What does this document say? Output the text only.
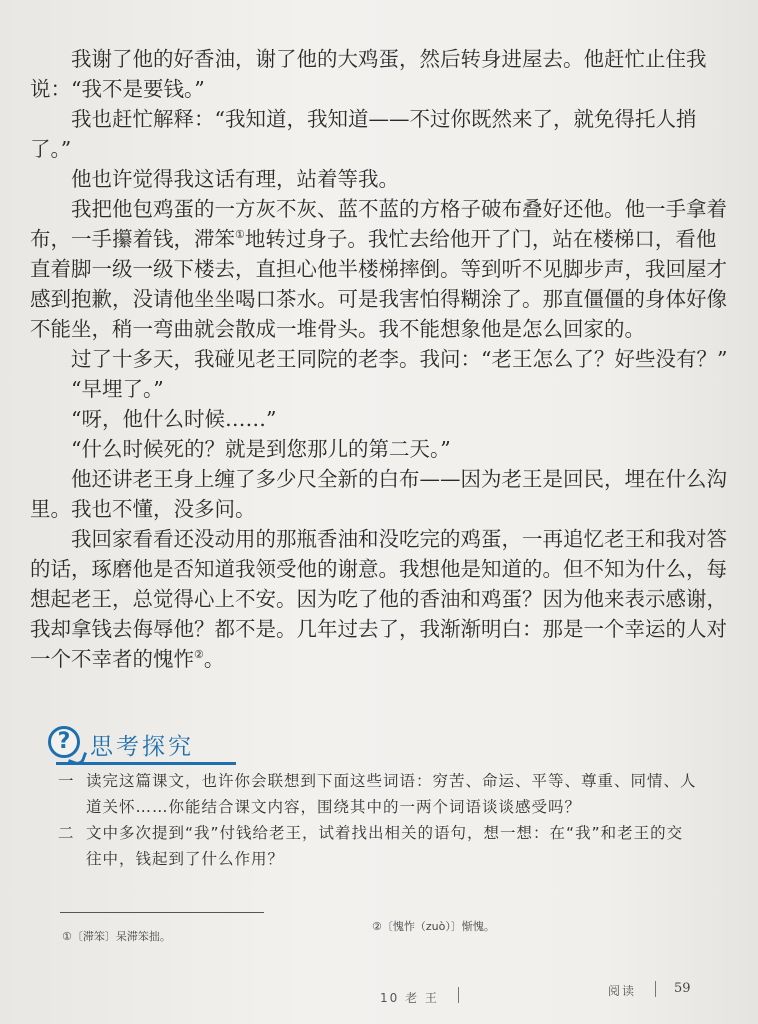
我谢了他的好香油，谢了他的大鸡蛋，然后转身进屋去。他赶忙止住我说：“我不是要钱。”

我也赶忙解释：“我知道，我知道——不过你既然来了，就免得托人捎了。”

他也许觉得我这话有理，站着等我。

我把他包鸡蛋的一方灰不灰、蓝不蓝的方格子破布叠好还他。他一手拿着布，一手攥着钱，滞笨①地转过身子。我忙去给他开了门，站在楼梯口，看他直着脚一级一级下楼去，直担心他半楼梯摔倒。等到听不见脚步声，我回屋才感到抱歉，没请他坐坐喝口茶水。可是我害怕得糊涂了。那直僵僵的身体好像不能坐，稍一弯曲就会散成一堆骨头。我不能想象他是怎么回家的。

过了十多天，我碰见老王同院的老李。我问：“老王怎么了？好些没有？”

“早埋了。”

“呀，他什么时候……”

“什么时候死的？就是到您那儿的第二天。”

他还讲老王身上缠了多少尺全新的白布——因为老王是回民，埋在什么沟里。我也不懂，没多问。

我回家看看还没动用的那瓶香油和没吃完的鸡蛋，一再追忆老王和我对答的话，琢磨他是否知道我领受他的谢意。我想他是知道的。但不知为什么，每想起老王，总觉得心上不安。因为吃了他的香油和鸡蛋？因为他来表示感谢，我却拿钱去侮辱他？都不是。几年过去了，我渐渐明白：那是一个幸运的人对一个不幸者的愧怍②。

? 思考探究
一 读完这篇课文，也许你会联想到下面这些词语：穷苦、命运、平等、尊重、同情、人道关怀……你能结合课文内容，围绕其中的一两个词语谈谈感受吗？
二 文中多次提到“我”付钱给老王，试着找出相关的语句，想一想：在“我”和老王的交往中，钱起到了什么作用？
①〔滞笨〕呆滞笨拙。
②〔愧怍（zuò）〕惭愧。
10 老 王	阅读	59
